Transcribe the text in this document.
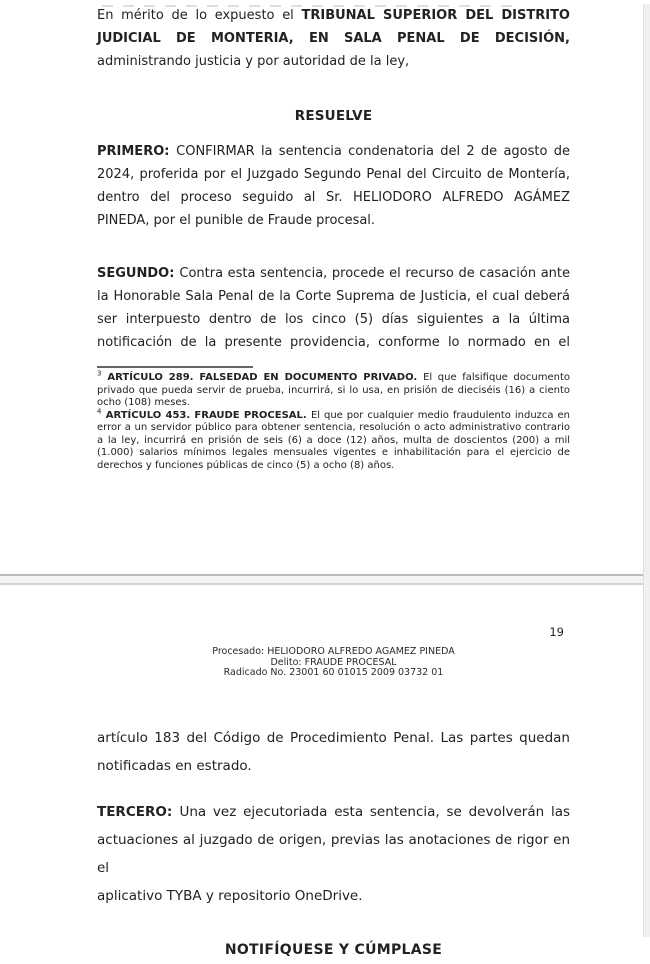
En mérito de lo expuesto el TRIBUNAL SUPERIOR DEL DISTRITO
JUDICIAL DE MONTERIA, EN SALA PENAL DE DECISIÓN,
administrando justicia y por autoridad de la ley,
RESUELVE
PRIMERO: CONFIRMAR la sentencia condenatoria del 2 de agosto de
2024, proferida por el Juzgado Segundo Penal del Circuito de Montería,
dentro del proceso seguido al Sr. HELIODORO ALFREDO AGÁMEZ
PINEDA, por el punible de Fraude procesal.
SEGUNDO: Contra esta sentencia, procede el recurso de casación ante
la Honorable Sala Penal de la Corte Suprema de Justicia, el cual deberá
ser interpuesto dentro de los cinco (5) días siguientes a la última
notificación de la presente providencia, conforme lo normado en el

$^3$ ARTÍCULO 289. FALSEDAD EN DOCUMENTO PRIVADO. El que falsifique documento privado que pueda servir de prueba, incurrirá, si lo usa, en prisión de dieciséis (16) a ciento ocho (108) meses.

$^4$ ARTÍCULO 453. FRAUDE PROCESAL. El que por cualquier medio fraudulento induzca en error a un servidor público para obtener sentencia, resolución o acto administrativo contrario a la ley, incurrirá en prisión de seis (6) a doce (12) años, multa de doscientos (200) a mil (1.000) salarios mínimos legales mensuales vigentes e inhabilitación para el ejercicio de derechos y funciones públicas de cinco (5) a ocho (8) años.

19
Procesado: HELIODORO ALFREDO AGAMEZ PINEDA
Delito: FRAUDE PROCESAL
Radicado No. 23001 60 01015 2009 03732 01
artículo 183 del Código de Procedimiento Penal. Las partes quedan
notificadas en estrado.
TERCERO: Una vez ejecutoriada esta sentencia, se devolverán las
actuaciones al juzgado de origen, previas las anotaciones de rigor en el
aplicativo TYBA y repositorio OneDrive.
NOTIFÍQUESE Y CÚMPLASE
